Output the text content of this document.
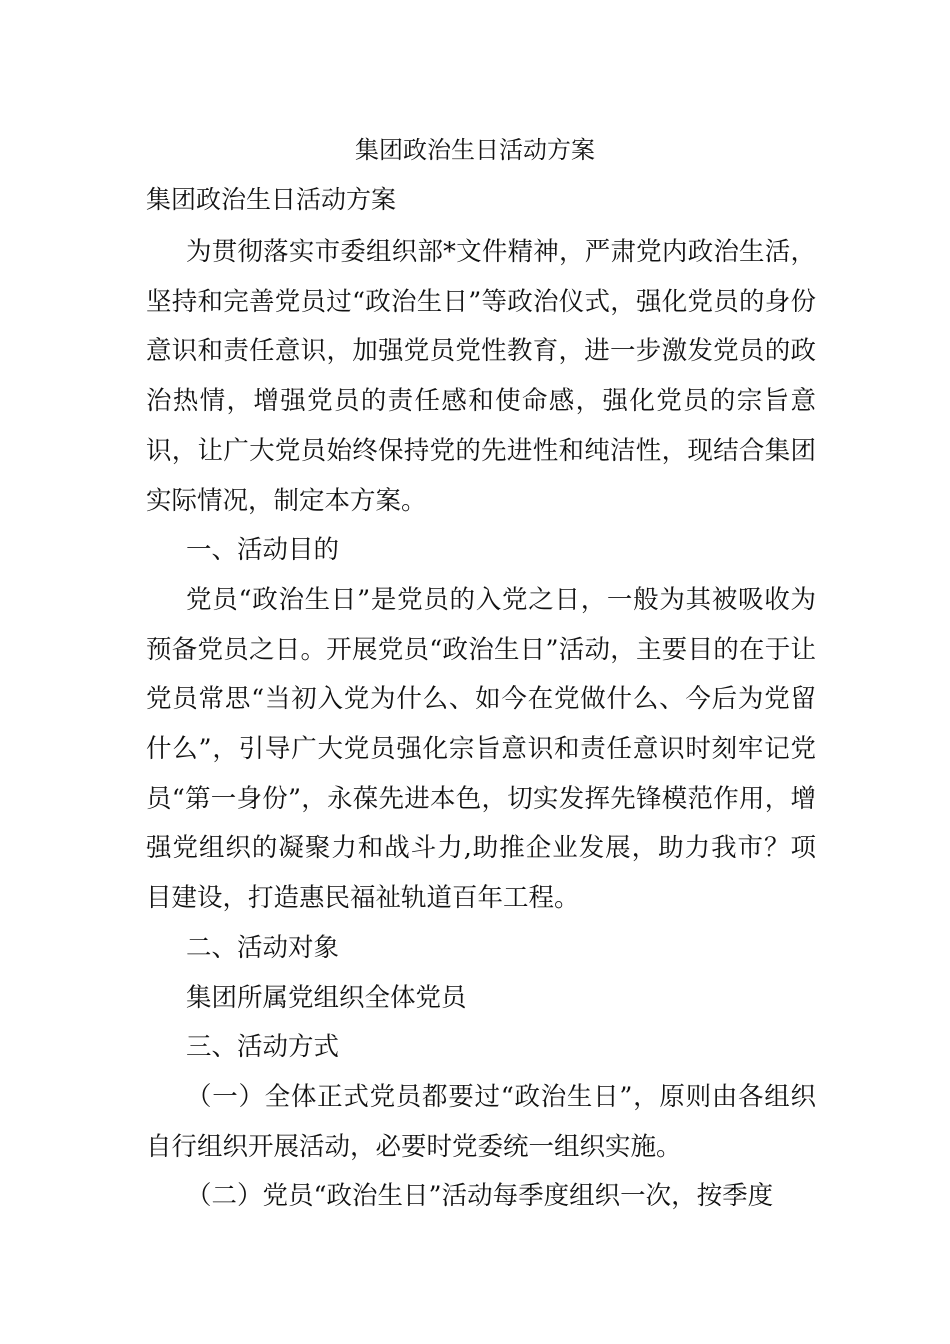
集团政治生日活动方案

集团政治生日活动方案

为贯彻落实市委组织部*文件精神，严肃党内政治生活，坚持和完善党员过“政治生日”等政治仪式，强化党员的身份意识和责任意识，加强党员党性教育，进一步激发党员的政治热情，增强党员的责任感和使命感，强化党员的宗旨意识，让广大党员始终保持党的先进性和纯洁性，现结合集团实际情况，制定本方案。

一、活动目的

党员“政治生日”是党员的入党之日，一般为其被吸收为预备党员之日。开展党员“政治生日”活动，主要目的在于让党员常思“当初入党为什么、如今在党做什么、今后为党留什么”，引导广大党员强化宗旨意识和责任意识时刻牢记党员“第一身份”，永葆先进本色，切实发挥先锋模范作用，增强党组织的凝聚力和战斗力,助推企业发展，助力我市？项目建设，打造惠民福祉轨道百年工程。

二、活动对象

集团所属党组织全体党员

三、活动方式

（一）全体正式党员都要过“政治生日”，原则由各组织自行组织开展活动，必要时党委统一组织实施。

（二）党员“政治生日”活动每季度组织一次，按季度
